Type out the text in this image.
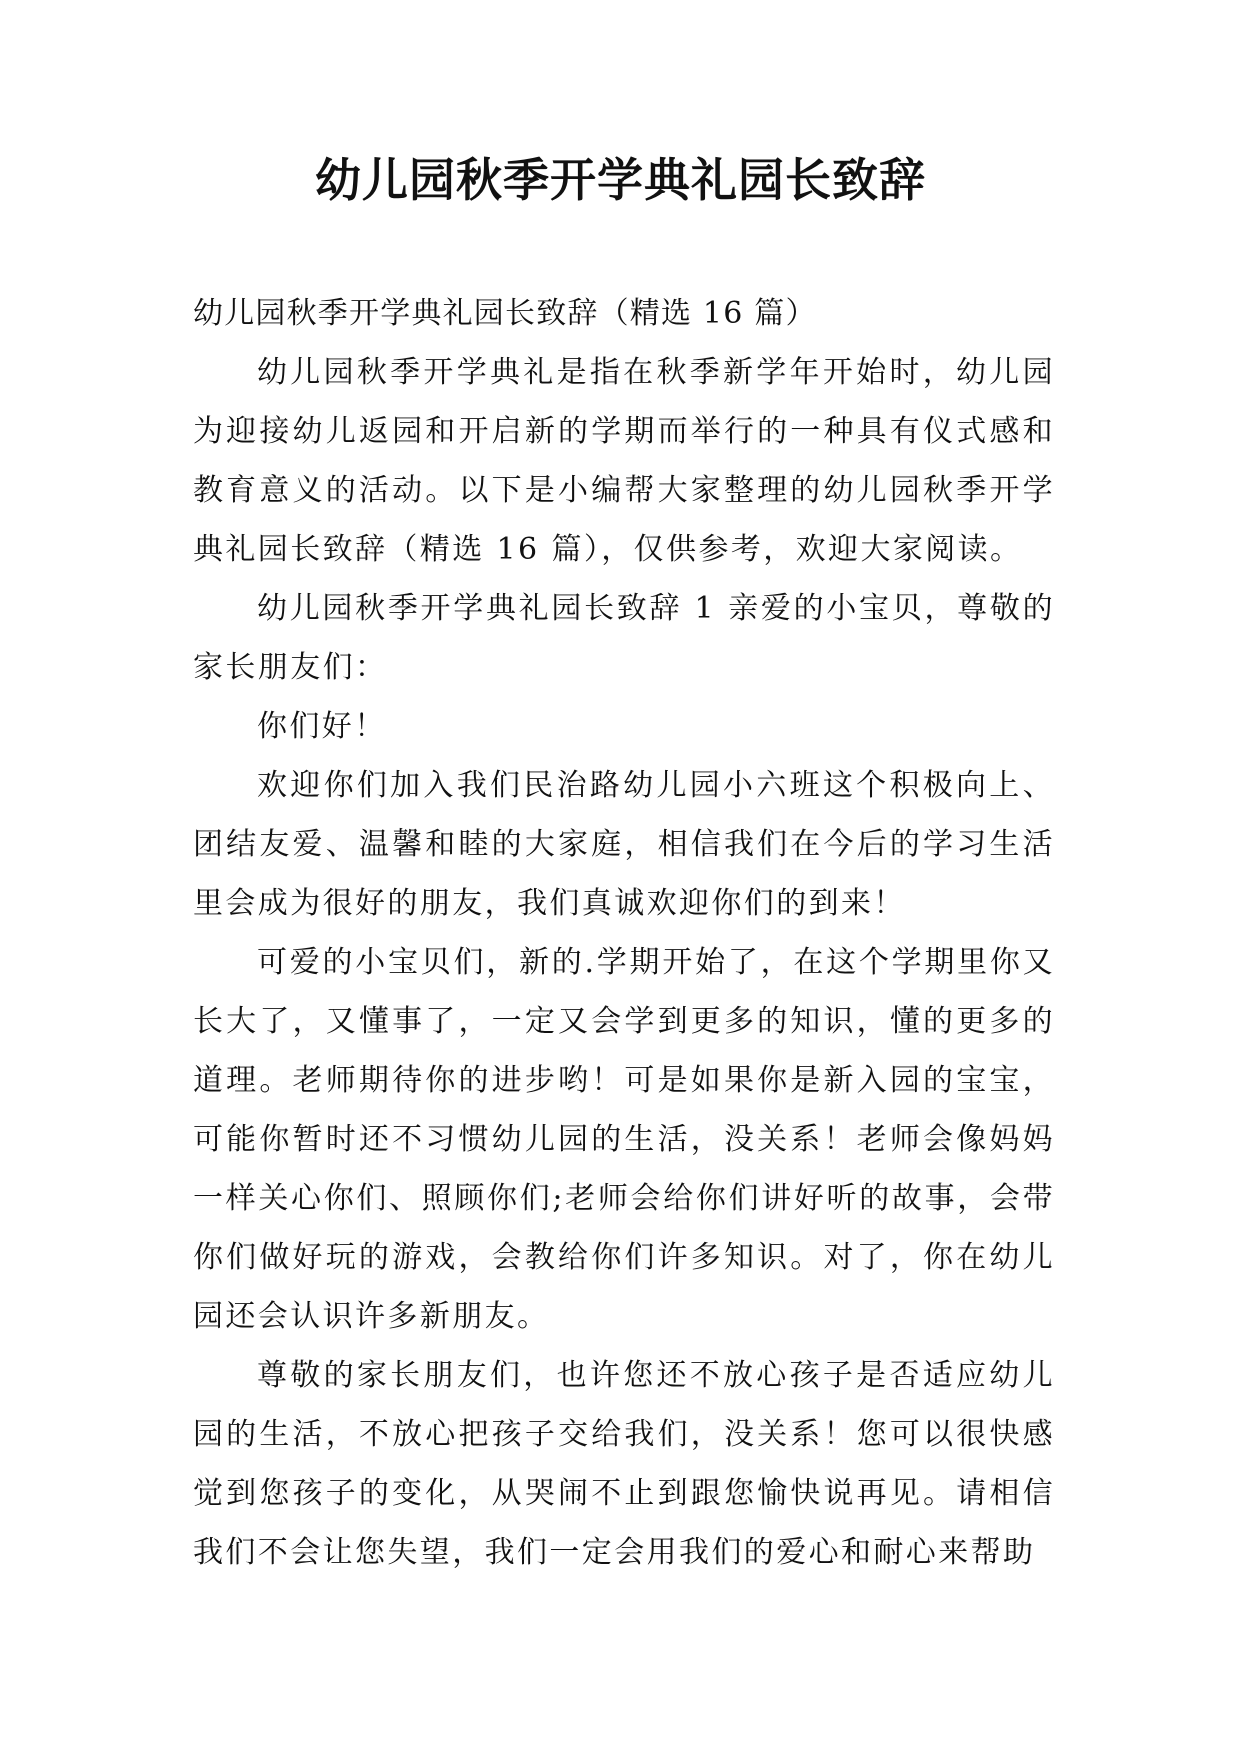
幼儿园秋季开学典礼园长致辞

幼儿园秋季开学典礼园长致辞（精选 16 篇）

幼儿园秋季开学典礼是指在秋季新学年开始时，幼儿园为迎接幼儿返园和开启新的学期而举行的一种具有仪式感和教育意义的活动。以下是小编帮大家整理的幼儿园秋季开学典礼园长致辞（精选 16 篇），仅供参考，欢迎大家阅读。

幼儿园秋季开学典礼园长致辞 1 亲爱的小宝贝，尊敬的家长朋友们：

你们好！

欢迎你们加入我们民治路幼儿园小六班这个积极向上、团结友爱、温馨和睦的大家庭，相信我们在今后的学习生活里会成为很好的朋友，我们真诚欢迎你们的到来！

可爱的小宝贝们，新的.学期开始了，在这个学期里你又长大了，又懂事了，一定又会学到更多的知识，懂的更多的道理。老师期待你的进步哟！可是如果你是新入园的宝宝，可能你暂时还不习惯幼儿园的生活，没关系！老师会像妈妈一样关心你们、照顾你们;老师会给你们讲好听的故事，会带你们做好玩的游戏，会教给你们许多知识。对了，你在幼儿园还会认识许多新朋友。

尊敬的家长朋友们，也许您还不放心孩子是否适应幼儿园的生活，不放心把孩子交给我们，没关系！您可以很快感觉到您孩子的变化，从哭闹不止到跟您愉快说再见。请相信我们不会让您失望，我们一定会用我们的爱心和耐心来帮助
